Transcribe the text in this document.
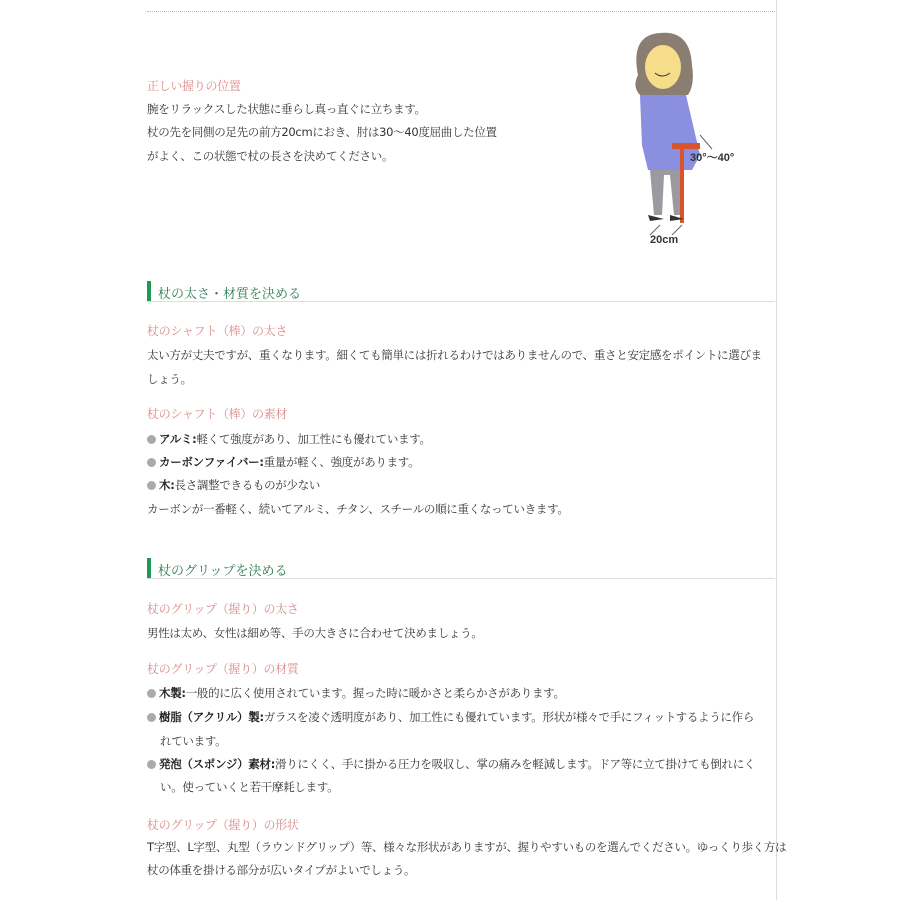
正しい握りの位置
腕をリラックスした状態に垂らし真っ直ぐに立ちます。
杖の先を同側の足先の前方20cmにおき、肘は30〜40度屈曲した位置
がよく、この状態で杖の長さを決めてください。
20cm
30°〜40°
杖の太さ・材質を決める
杖のシャフト（棒）の太さ
太い方が丈夫ですが、重くなります。細くても簡単には折れるわけではありませんので、重さと安定感をポイントに選びま
しょう。
杖のシャフト（棒）の素材
アルミ:軽くて強度があり、加工性にも優れています。
カーボンファイバー:重量が軽く、強度があります。
木:長さ調整できるものが少ない
カーボンが一番軽く、続いてアルミ、チタン、スチールの順に重くなっていきます。
杖のグリップを決める
杖のグリップ（握り）の太さ
男性は太め、女性は細め等、手の大きさに合わせて決めましょう。
杖のグリップ（握り）の材質
木製:一般的に広く使用されています。握った時に暖かさと柔らかさがあります。
樹脂（アクリル）製:ガラスを凌ぐ透明度があり、加工性にも優れています。形状が様々で手にフィットするように作ら
れています。
発泡（スポンジ）素材:滑りにくく、手に掛かる圧力を吸収し、掌の痛みを軽減します。ドア等に立て掛けても倒れにく
い。使っていくと若干摩耗します。
杖のグリップ（握り）の形状
T字型、L字型、丸型（ラウンドグリップ）等、様々な形状がありますが、握りやすいものを選んでください。ゆっくり歩く方は
杖の体重を掛ける部分が広いタイプがよいでしょう。
